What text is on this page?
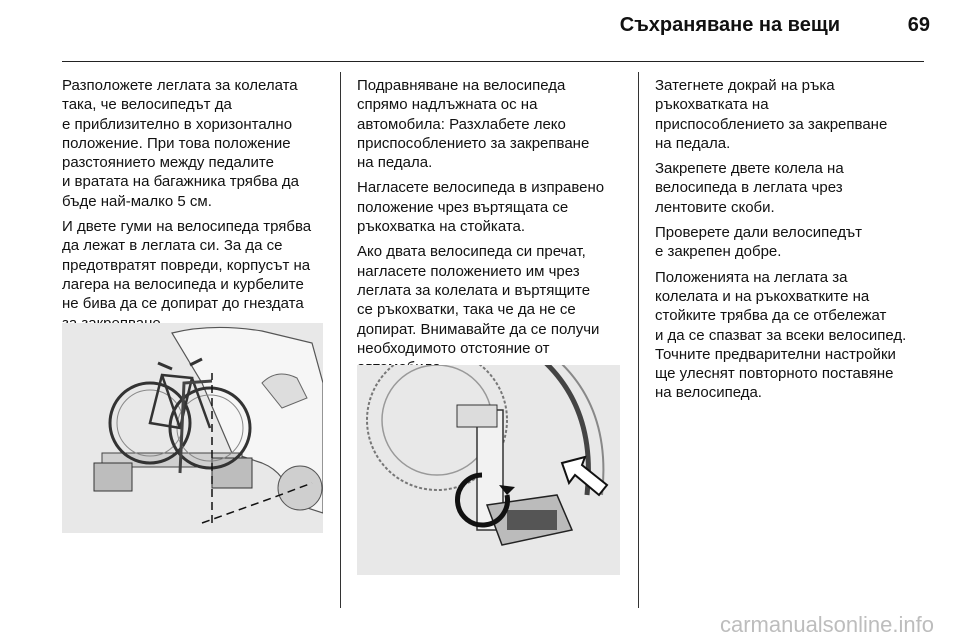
Съхраняване на вещи	69

Разположете леглата за колелата
така, че велосипедът да
е приблизително в хоризонтално
положение. При това положение
разстоянието между педалите
и вратата на багажника трябва да
бъде най-малко 5 см.

И двете гуми на велосипеда трябва
да лежат в леглата си. За да се
предотвратят повреди, корпусът на
лагера на велосипеда и курбелите
не бива да се допират до гнездата

Подравняване на велосипеда
спрямо надлъжната ос на
автомобила: Разхлабете леко
приспособлението за закрепване
на педала.

Нагласете велосипеда в изправено
положение чрез въртящата се
ръкохватка на стойката.

Ако двата велосипеда си пречат,
нагласете положението им чрез
леглата за колелата и въртящите
се ръкохватки, така че да не се
допират. Внимавайте да се получи
необходимото отстояние от

Затегнете докрай на ръка
ръкохватката на
приспособлението за закрепване
на педала.

Закрепете двете колела на
велосипеда в леглата чрез
лентовите скоби.

Проверете дали велосипедът
е закрепен добре.

Положенията на леглата за
колелата и на ръкохватките на
стойките трябва да се отбележат
и да се спазват за всеки велосипед.
Точните предварителни настройки
ще улеснят повторното поставяне
на велосипеда.

carmanualsonline.info
